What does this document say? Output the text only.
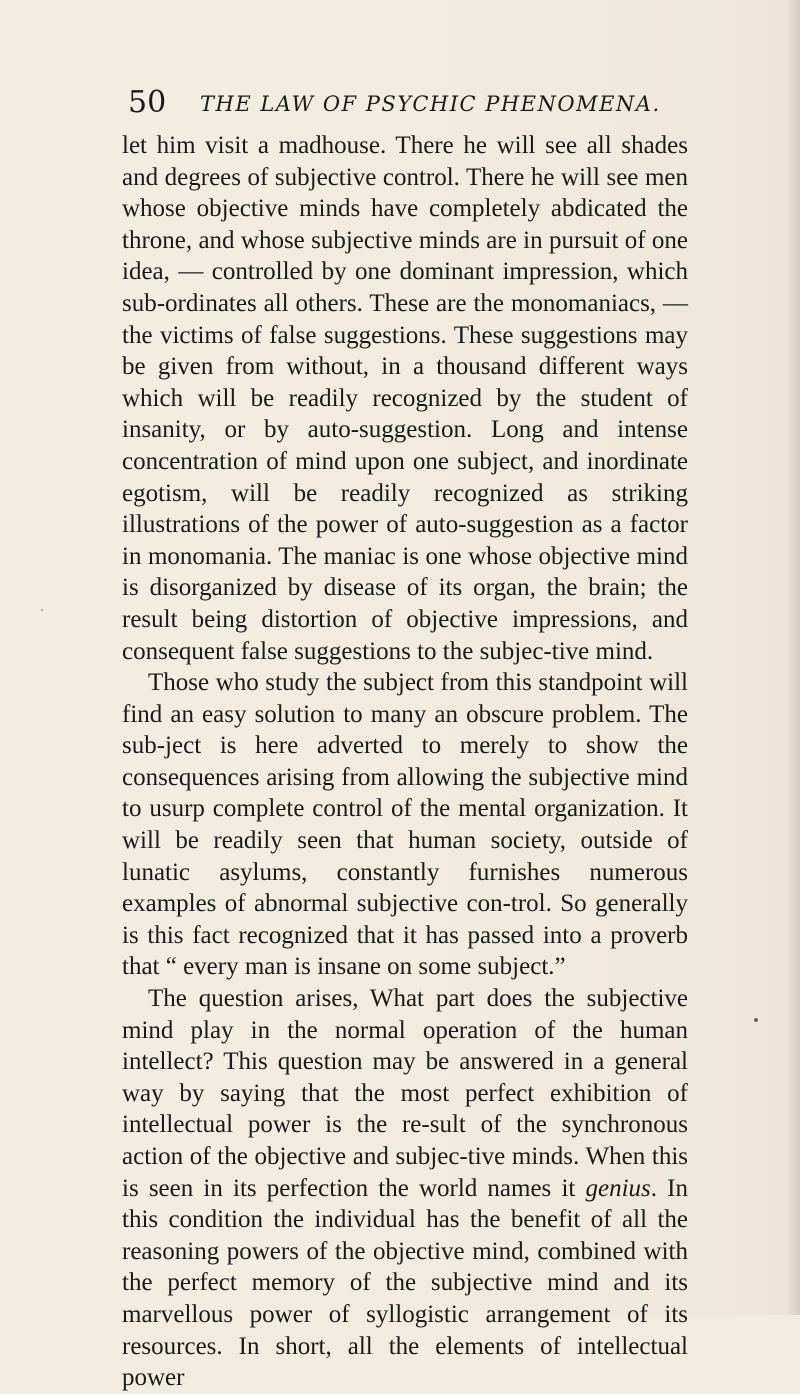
50 THE LAW OF PSYCHIC PHENOMENA.

let him visit a madhouse. There he will see all shades and degrees of subjective control. There he will see men whose objective minds have completely abdicated the throne, and whose subjective minds are in pursuit of one idea, — controlled by one dominant impression, which sub-ordinates all others. These are the monomaniacs, — the victims of false suggestions. These suggestions may be given from without, in a thousand different ways which will be readily recognized by the student of insanity, or by auto-suggestion. Long and intense concentration of mind upon one subject, and inordinate egotism, will be readily recognized as striking illustrations of the power of auto-suggestion as a factor in monomania. The maniac is one whose objective mind is disorganized by disease of its organ, the brain; the result being distortion of objective impressions, and consequent false suggestions to the subjec-tive mind.

Those who study the subject from this standpoint will find an easy solution to many an obscure problem. The sub-ject is here adverted to merely to show the consequences arising from allowing the subjective mind to usurp complete control of the mental organization. It will be readily seen that human society, outside of lunatic asylums, constantly furnishes numerous examples of abnormal subjective con-trol. So generally is this fact recognized that it has passed into a proverb that “ every man is insane on some subject.”

The question arises, What part does the subjective mind play in the normal operation of the human intellect? This question may be answered in a general way by saying that the most perfect exhibition of intellectual power is the re-sult of the synchronous action of the objective and subjec-tive minds. When this is seen in its perfection the world names it genius. In this condition the individual has the benefit of all the reasoning powers of the objective mind, combined with the perfect memory of the subjective mind and its marvellous power of syllogistic arrangement of its resources. In short, all the elements of intellectual power
